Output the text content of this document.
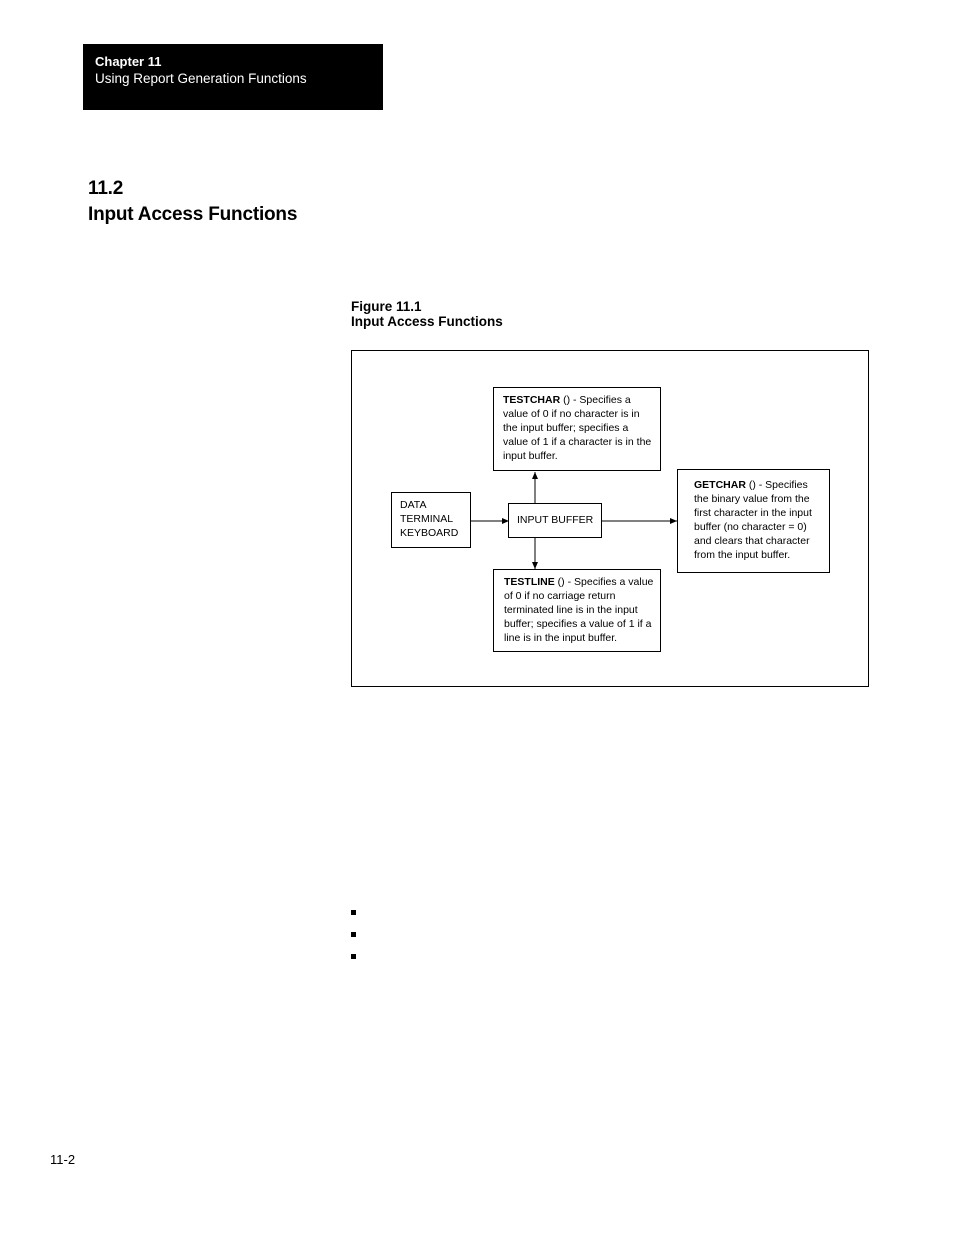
Chapter 11
Using Report Generation Functions
11.2
Input Access Functions
Figure 11.1
Input Access Functions
DATA
TERMINAL
KEYBOARD
INPUT BUFFER
TESTCHAR () - Specifies a value of 0 if no character is in the input buffer; specifies a value of 1 if a character is in the input buffer.
TESTLINE () - Specifies a value of 0 if no carriage return terminated line is in the input buffer; specifies a value of 1 if a line is in the input buffer.
GETCHAR () - Specifies the binary value from the first character in the input buffer (no character = 0) and clears that character from the input buffer.
11-2
